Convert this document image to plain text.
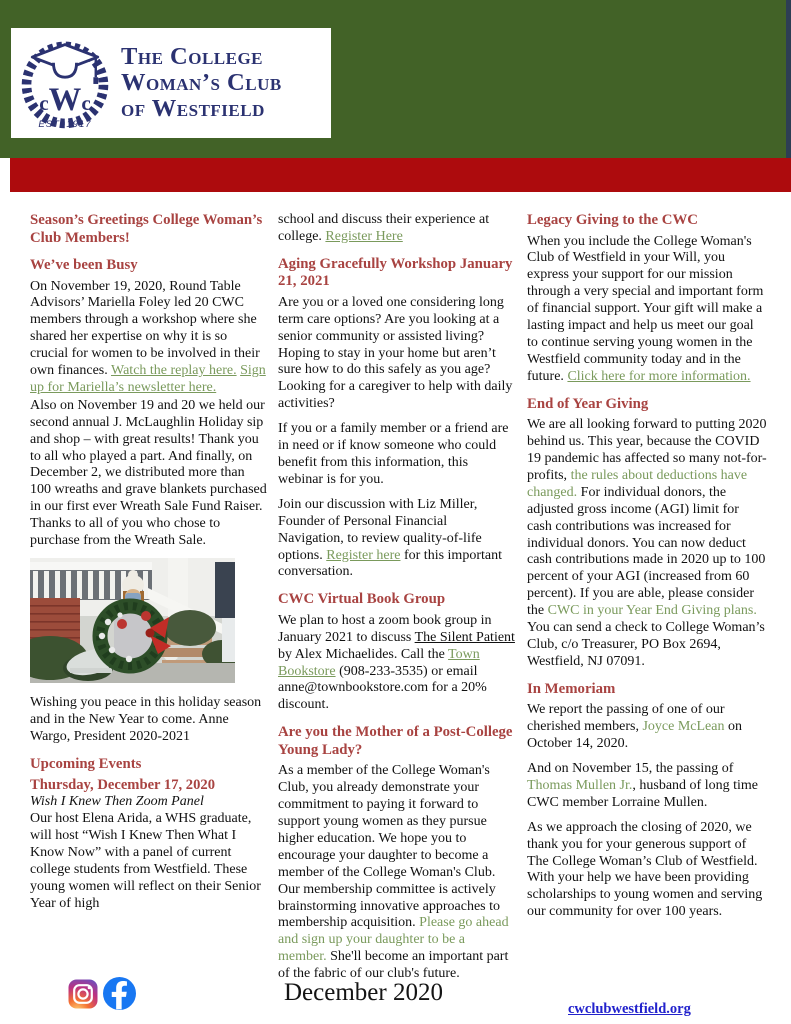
cWc
EST. 1917
The College
Woman’s Club
of Westfield
Season’s Greetings College Woman’s Club Members!
We’ve been Busy
On November 19, 2020, Round Table Advisors’ Mariella Foley led 20 CWC members through a workshop where she shared her expertise on why it is so crucial for women to be involved in their own finances. Watch the replay here. Sign up for Mariella’s newsletter here.
Also on November 19 and 20 we held our second annual J. McLaughlin Holiday sip and shop – with great results! Thank you to all who played a part. And finally, on December 2, we distributed more than 100 wreaths and grave blankets purchased in our first ever Wreath Sale Fund Raiser. Thanks to all of you who chose to purchase from the Wreath Sale.
Wishing you peace in this holiday season and in the New Year to come. Anne Wargo, President 2020-2021
Upcoming Events
Thursday, December 17, 2020
Wish I Knew Then Zoom Panel
Our host Elena Arida, a WHS graduate, will host “Wish I Knew Then What I Know Now” with a panel of current college students from Westfield. These young women will reflect on their Senior Year of high
school and discuss their experience at college. Register Here
Aging Gracefully Workshop January 21, 2021
Are you or a loved one considering long term care options? Are you looking at a senior community or assisted living? Hoping to stay in your home but aren’t sure how to do this safely as you age? Looking for a caregiver to help with daily activities?
If you or a family member or a friend are in need or if know someone who could benefit from this information, this webinar is for you.
Join our discussion with Liz Miller, Founder of Personal Financial Navigation, to review quality-of-life options. Register here for this important conversation.
CWC Virtual Book Group
We plan to host a zoom book group in January 2021 to discuss The Silent Patient by Alex Michaelides. Call the Town Bookstore (908-233-3535) or email anne@townbookstore.com for a 20% discount.
Are you the Mother of a Post-College Young Lady?
As a member of the College Woman's Club, you already demonstrate your commitment to paying it forward to support young women as they pursue higher education. We hope you to encourage your daughter to become a member of the College Woman's Club. Our membership committee is actively brainstorming innovative approaches to membership acquisition. Please go ahead and sign up your daughter to be a member. She'll become an important part of the fabric of our club's future.
Legacy Giving to the CWC
When you include the College Woman's Club of Westfield in your Will, you express your support for our mission through a very special and important form of financial support. Your gift will make a lasting impact and help us meet our goal to continue serving young women in the Westfield community today and in the future. Click here for more information.
End of Year Giving
We are all looking forward to putting 2020 behind us. This year, because the COVID 19 pandemic has affected so many not-for-profits, the rules about deductions have changed. For individual donors, the adjusted gross income (AGI) limit for cash contributions was increased for individual donors. You can now deduct cash contributions made in 2020 up to 100 percent of your AGI (increased from 60 percent). If you are able, please consider the CWC in your Year End Giving plans. You can send a check to College Woman’s Club, c/o Treasurer, PO Box 2694, Westfield, NJ 07091.
In Memoriam
We report the passing of one of our cherished members, Joyce McLean on October 14, 2020.
And on November 15, the passing of Thomas Mullen Jr., husband of long time CWC member Lorraine Mullen.
As we approach the closing of 2020, we thank you for your generous support of The College Woman’s Club of Westfield. With your help we have been providing scholarships to young women and serving our community for over 100 years.
December 2020
cwclubwestfield.org
